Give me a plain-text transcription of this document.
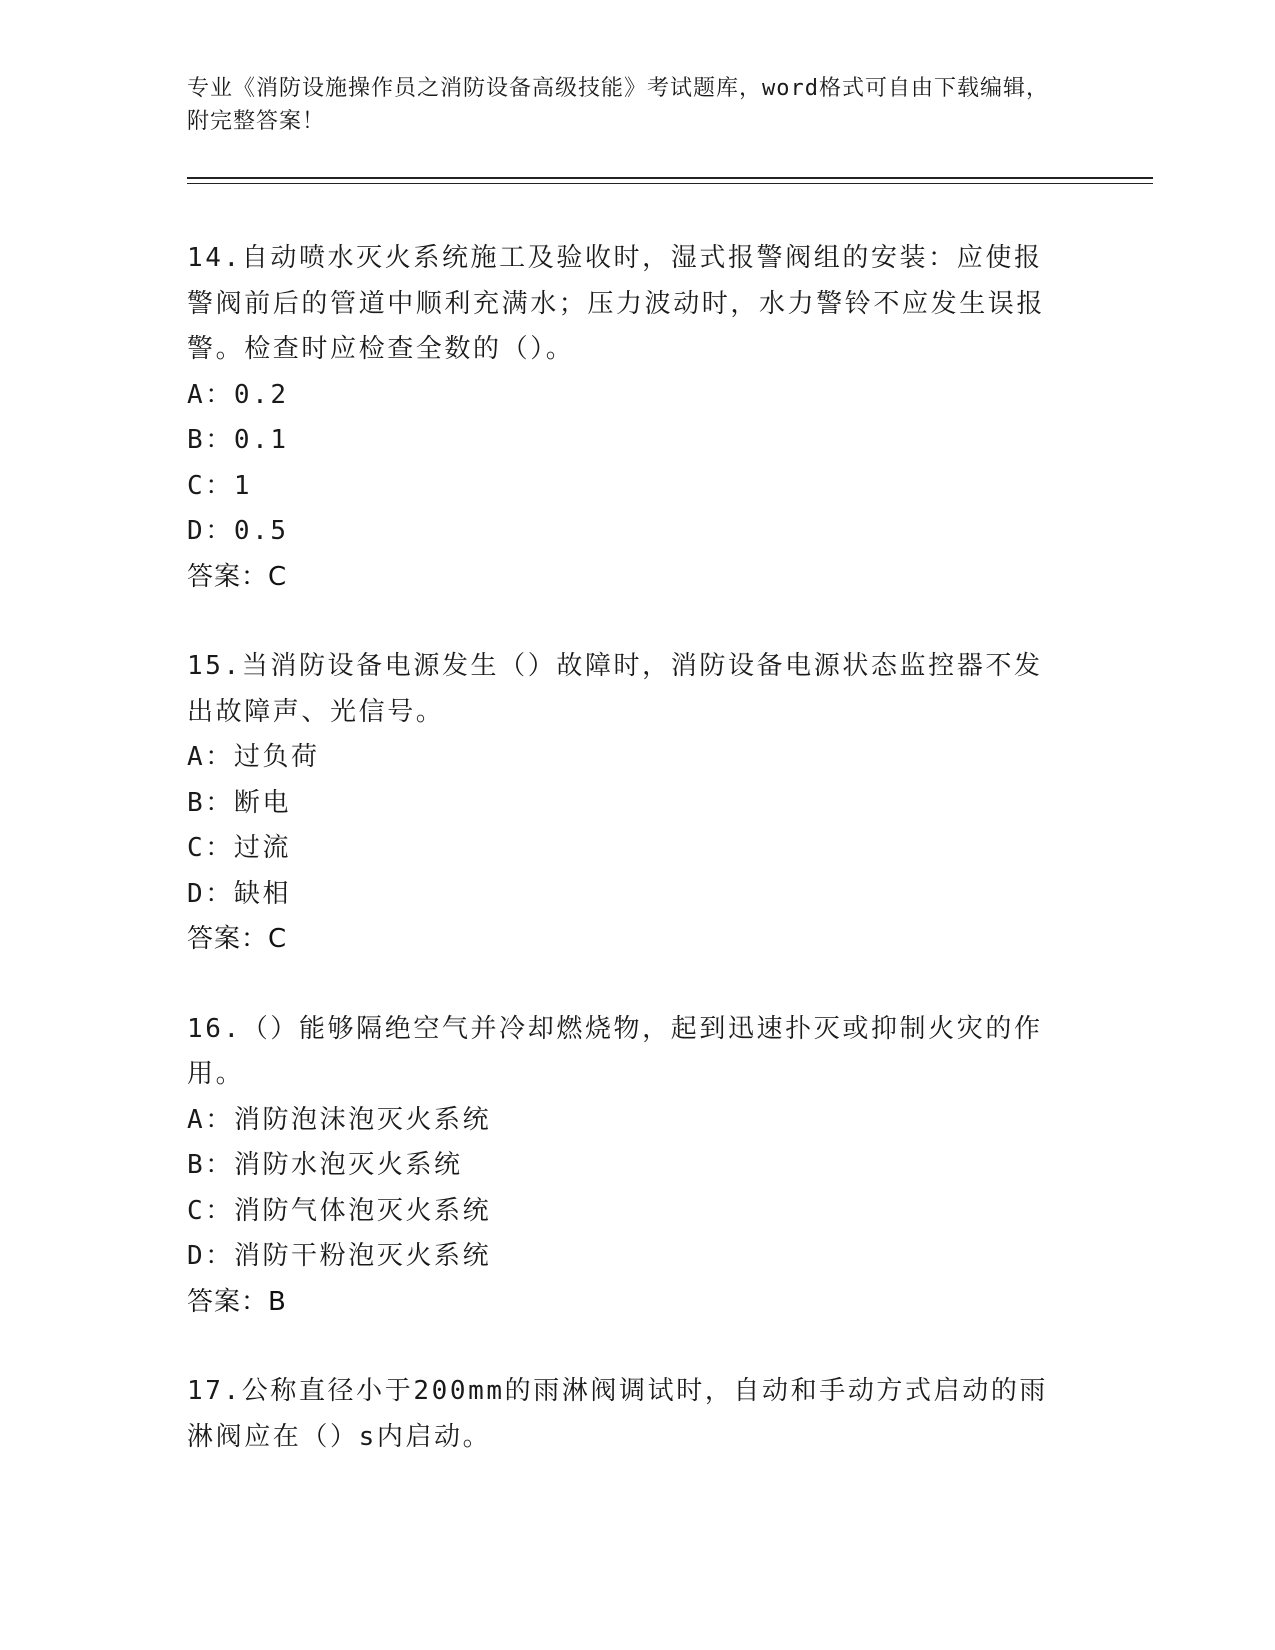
专业《消防设施操作员之消防设备高级技能》考试题库，word格式可自由下载编辑，附完整答案！
14.自动喷水灭火系统施工及验收时，湿式报警阀组的安装：应使报警阀前后的管道中顺利充满水；压力波动时，水力警铃不应发生误报警。检查时应检查全数的（）。
A：0.2
B：0.1
C：1
D：0.5
答案：C
15.当消防设备电源发生（）故障时，消防设备电源状态监控器不发出故障声、光信号。
A：过负荷
B：断电
C：过流
D：缺相
答案：C
16.（）能够隔绝空气并冷却燃烧物，起到迅速扑灭或抑制火灾的作用。
A：消防泡沫泡灭火系统
B：消防水泡灭火系统
C：消防气体泡灭火系统
D：消防干粉泡灭火系统
答案：B
17.公称直径小于200mm的雨淋阀调试时，自动和手动方式启动的雨淋阀应在（）s内启动。
